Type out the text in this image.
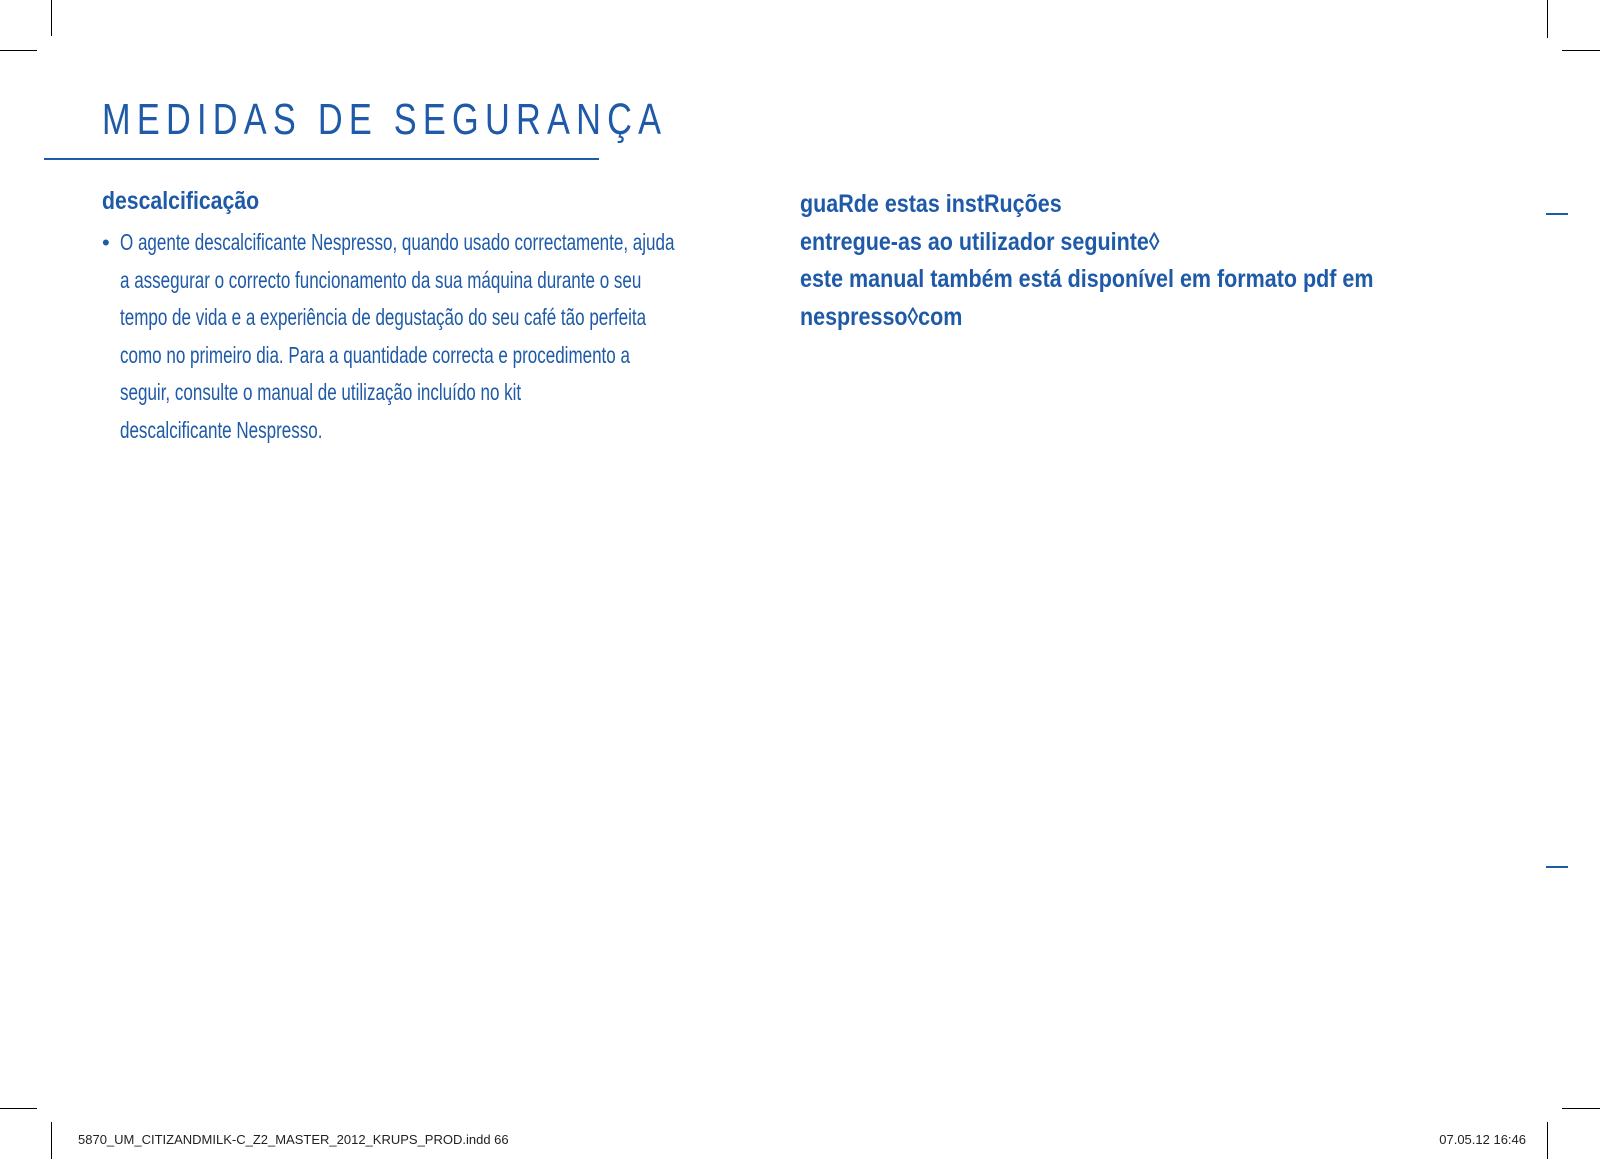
MEDIDAS DE SEGURANÇA
descalcificação
• O agente descalcificante Nespresso, quando usado correctamente, ajuda
a assegurar o correcto funcionamento da sua máquina durante o seu
tempo de vida e a experiência de degustação do seu café tão perfeita
como no primeiro dia. Para a quantidade correcta e procedimento a
seguir, consulte o manual de utilização incluído no kit
descalcificante Nespresso.
guaRde estas instRuções
entregue-as ao utilizador seguinte◊
este manual também está disponível em formato pdf em
nespresso◊com
5870_UM_CITIZANDMILK-C_Z2_MASTER_2012_KRUPS_PROD.indd 66	07.05.12 16:46
